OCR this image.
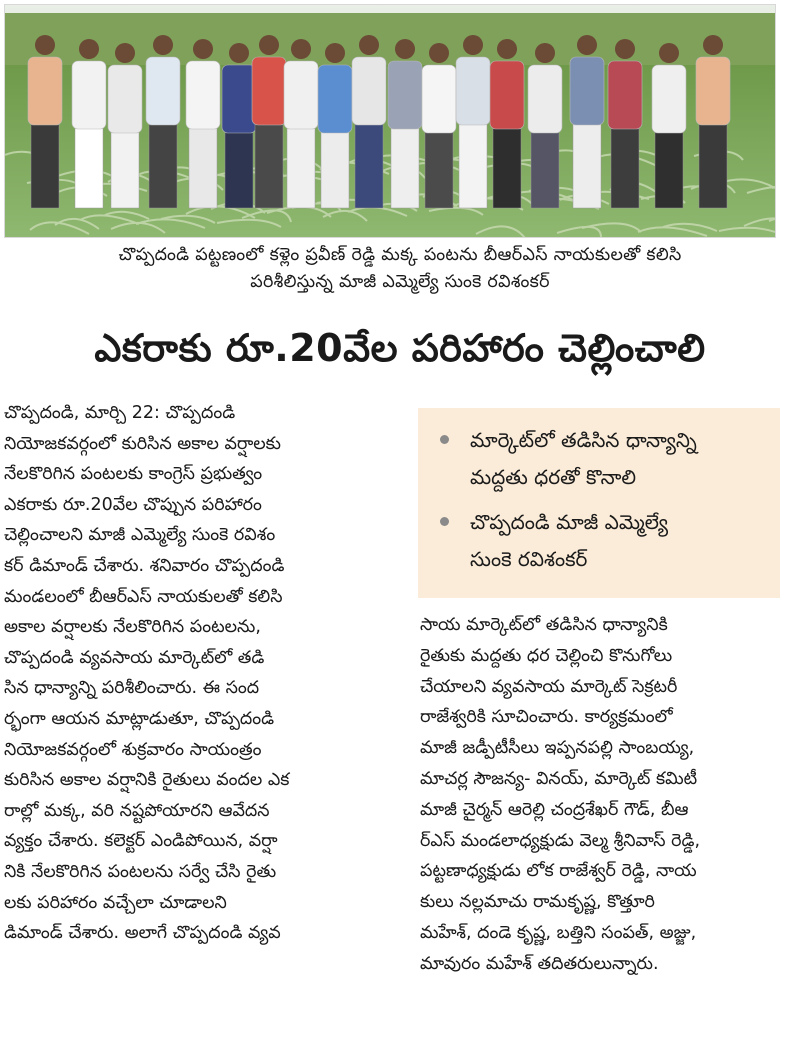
చొప్పదండి పట్టణంలో కళ్లెం ప్రవీణ్ రెడ్డి మక్క పంటను బీఆర్ఎస్ నాయకులతో కలిసి
పరిశీలిస్తున్న మాజీ ఎమ్మెల్యే సుంకె రవిశంకర్
ఎకరాకు రూ.20వేల పరిహారం చెల్లించాలి
చొప్పదండి, మార్చి 22: చొప్పదండి
నియోజకవర్గంలో కురిసిన అకాల వర్షాలకు
నేలకొరిగిన పంటలకు కాంగ్రెస్ ప్రభుత్వం
ఎకరాకు రూ.20వేల చొప్పున పరిహారం
చెల్లించాలని మాజీ ఎమ్మెల్యే సుంకె రవిశం
కర్ డిమాండ్ చేశారు. శనివారం చొప్పదండి
మండలంలో బీఆర్ఎస్ నాయకులతో కలిసి
అకాల వర్షాలకు నేలకొరిగిన పంటలను,
చొప్పదండి వ్యవసాయ మార్కెట్‌లో తడి
సిన ధాన్యాన్ని పరిశీలించారు. ఈ సంద
ర్భంగా ఆయన మాట్లాడుతూ, చొప్పదండి
నియోజకవర్గంలో శుక్రవారం సాయంత్రం
కురిసిన అకాల వర్షానికి రైతులు వందల ఎక
రాల్లో మక్క, వరి నష్టపోయారని ఆవేదన
వ్యక్తం చేశారు. కలెక్టర్ ఎండిపోయిన, వర్షా
నికి నేలకొరిగిన పంటలను సర్వే చేసి రైతు
లకు పరిహారం వచ్చేలా చూడాలని
డిమాండ్ చేశారు. అలాగే చొప్పదండి వ్యవ
మార్కెట్‌లో తడిసిన ధాన్యాన్ని
మద్దతు ధరతో కొనాలి
చొప్పదండి మాజీ ఎమ్మెల్యే
సుంకె రవిశంకర్
సాయ మార్కెట్‌లో తడిసిన ధాన్యానికి
రైతుకు మద్దతు ధర చెల్లించి కొనుగోలు
చేయాలని వ్యవసాయ మార్కెట్ సెక్రటరీ
రాజేశ్వరికి సూచించారు. కార్యక్రమంలో
మాజీ జడ్పీటీసీలు ఇప్పనపల్లి సాంబయ్య,
మాచర్ల సౌజన్య- వినయ్, మార్కెట్ కమిటీ
మాజీ చైర్మన్ ఆరెల్లి చంద్రశేఖర్ గౌడ్, బీఆ
ర్ఎస్ మండలాధ్యక్షుడు వెల్మ శ్రీనివాస్ రెడ్డి,
పట్టణాధ్యక్షుడు లోక రాజేశ్వర్ రెడ్డి, నాయ
కులు నల్లమాచు రామకృష్ణ, కొత్తూరి
మహేశ్, దండె కృష్ణ, బత్తిని సంపత్, అజ్జు,
మావురం మహేశ్ తదితరులున్నారు.
